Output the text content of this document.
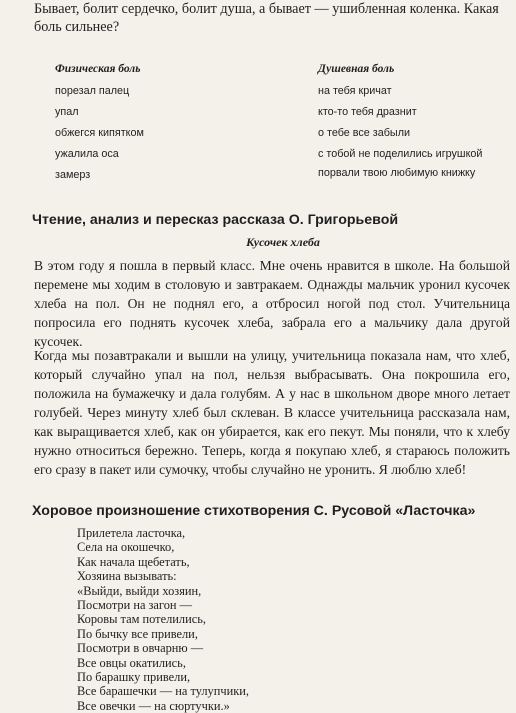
Бывает, болит сердечко, болит душа, а бывает — ушибленная коленка. Какая боль сильнее?

Физическая боль

порезал палец

упал

обжегся кипятком

ужалила оса

замерз

Душевная боль

на тебя кричат

кто-то тебя дразнит

о тебе все забыли

с тобой не поделились игрушкой

порвали твою любимую книжку

Чтение, анализ и пересказ рассказа О. Григорьевой

Кусочек хлеба

В этом году я пошла в первый класс. Мне очень нравится в школе. На большой перемене мы ходим в столовую и завтракаем. Однажды мальчик уронил кусочек хлеба на пол. Он не поднял его, а отбросил ногой под стол. Учительница попросила его поднять кусочек хлеба, забрала его а мальчику дала другой кусочек.

Когда мы позавтракали и вышли на улицу, учительница показала нам, что хлеб, который случайно упал на пол, нельзя выбрасывать. Она покрошила его, положила на бумажечку и дала голубям. А у нас в школьном дворе много летает голубей. Через минуту хлеб был склеван. В классе учительница рассказала нам, как выращивается хлеб, как он убирается, как его пекут. Мы поняли, что к хлебу нужно относиться бережно. Теперь, когда я покупаю хлеб, я стараюсь положить его сразу в пакет или сумочку, чтобы случайно не уронить. Я люблю хлеб!

Хоровое произношение стихотворения С. Русовой «Ласточка»

Прилетела ласточка,
Села на окошечко,
Как начала щебетать,
Хозяина вызывать:
«Выйди, выйди хозяин,
Посмотри на загон —
Коровы там потелились,
По бычку все привели,
Посмотри в овчарню —
Все овцы окатились,
По барашку привели,
Все барашечки — на тулупчики,
Все овечки — на сюртучки.»
